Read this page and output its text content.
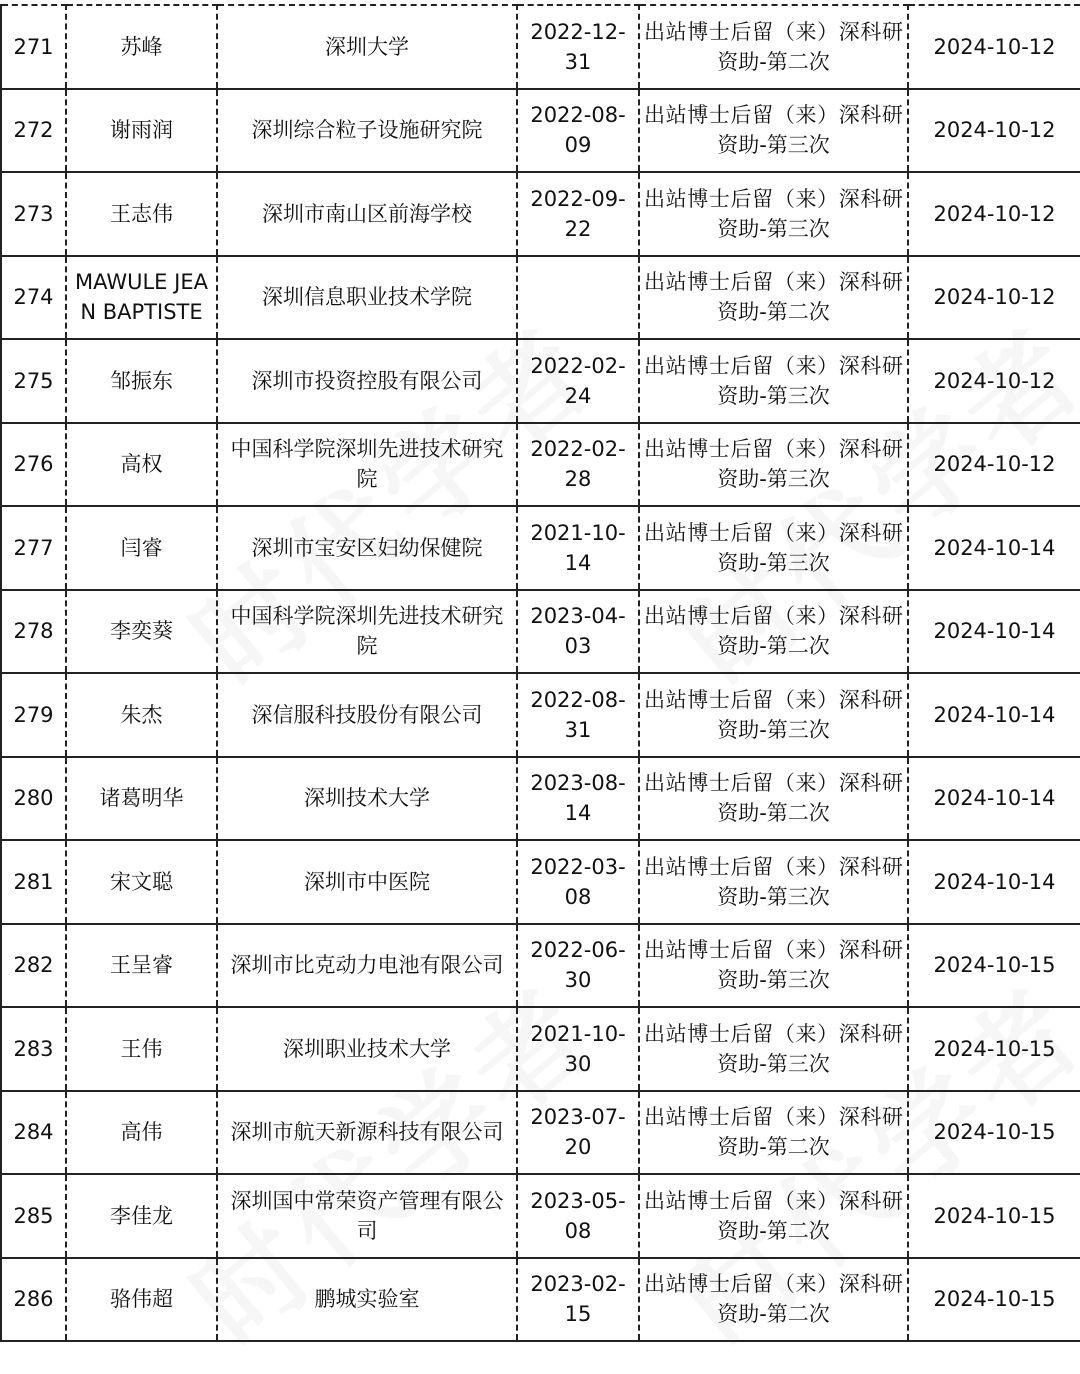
271	苏峰	深圳大学	2022-12-31	出站博士后留（来）深科研资助-第二次	2024-10-12
272	谢雨润	深圳综合粒子设施研究院	2022-08-09	出站博士后留（来）深科研资助-第三次	2024-10-12
273	王志伟	深圳市南山区前海学校	2022-09-22	出站博士后留（来）深科研资助-第三次	2024-10-12
274	MAWULE JEAN BAPTISTE	深圳信息职业技术学院		出站博士后留（来）深科研资助-第二次	2024-10-12
275	邹振东	深圳市投资控股有限公司	2022-02-24	出站博士后留（来）深科研资助-第三次	2024-10-12
276	高权	中国科学院深圳先进技术研究院	2022-02-28	出站博士后留（来）深科研资助-第三次	2024-10-12
277	闫睿	深圳市宝安区妇幼保健院	2021-10-14	出站博士后留（来）深科研资助-第三次	2024-10-14
278	李奕葵	中国科学院深圳先进技术研究院	2023-04-03	出站博士后留（来）深科研资助-第二次	2024-10-14
279	朱杰	深信服科技股份有限公司	2022-08-31	出站博士后留（来）深科研资助-第三次	2024-10-14
280	诸葛明华	深圳技术大学	2023-08-14	出站博士后留（来）深科研资助-第二次	2024-10-14
281	宋文聪	深圳市中医院	2022-03-08	出站博士后留（来）深科研资助-第三次	2024-10-14
282	王呈睿	深圳市比克动力电池有限公司	2022-06-30	出站博士后留（来）深科研资助-第三次	2024-10-15
283	王伟	深圳职业技术大学	2021-10-30	出站博士后留（来）深科研资助-第三次	2024-10-15
284	高伟	深圳市航天新源科技有限公司	2023-07-20	出站博士后留（来）深科研资助-第二次	2024-10-15
285	李佳龙	深圳国中常荣资产管理有限公司	2023-05-08	出站博士后留（来）深科研资助-第二次	2024-10-15
286	骆伟超	鹏城实验室	2023-02-15	出站博士后留（来）深科研资助-第二次	2024-10-15
